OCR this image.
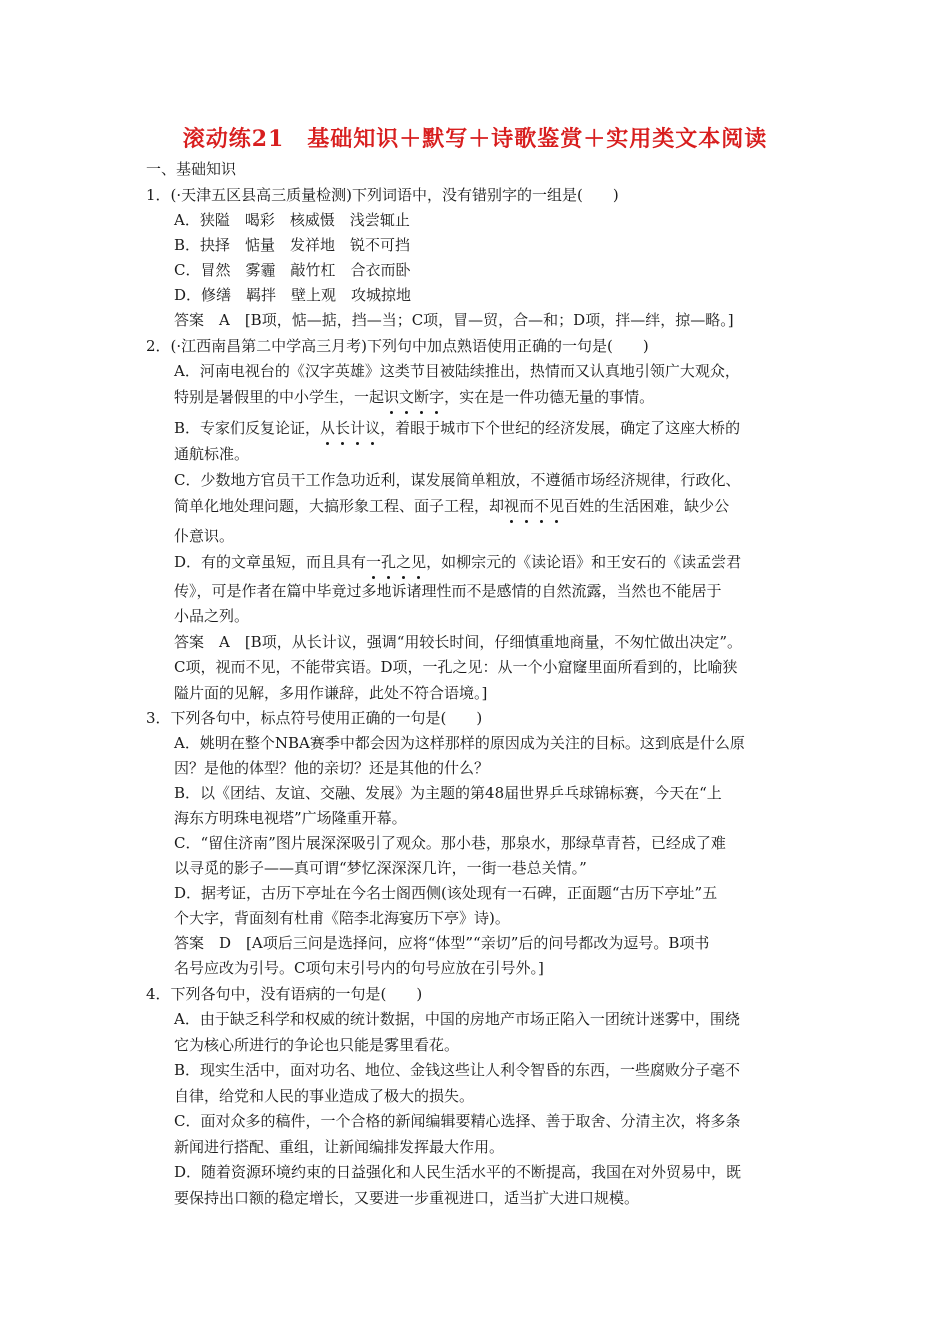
滚动练21　基础知识＋默写＋诗歌鉴赏＋实用类文本阅读
一、基础知识
1．(·天津五区县高三质量检测)下列词语中，没有错别字的一组是(　　)
A．狭隘　喝彩　核威慑　浅尝辄止
B．抉择　惦量　发祥地　锐不可挡
C．冒然　雾霾　敲竹杠　合衣而卧
D．修缮　羁拌　壁上观　攻城掠地
答案　A　[B项，惦—掂，挡—当；C项，冒—贸，合—和；D项，拌—绊，掠—略。]
2．(·江西南昌第二中学高三月考)下列句中加点熟语使用正确的一句是(　　)
A．河南电视台的《汉字英雄》这类节目被陆续推出，热情而又认真地引领广大观众，
特别是暑假里的中小学生，一起识文断字，实在是一件功德无量的事情。
B．专家们反复论证，从长计议，着眼于城市下个世纪的经济发展，确定了这座大桥的
通航标准。
C．少数地方官员干工作急功近利，谋发展简单粗放，不遵循市场经济规律，行政化、
简单化地处理问题，大搞形象工程、面子工程，却视而不见百姓的生活困难，缺少公
仆意识。
D．有的文章虽短，而且具有一孔之见，如柳宗元的《读论语》和王安石的《读孟尝君
传》，可是作者在篇中毕竟过多地诉诸理性而不是感情的自然流露，当然也不能居于
小品之列。
答案　A　[B项，从长计议，强调“用较长时间，仔细慎重地商量，不匆忙做出决定”。
C项，视而不见，不能带宾语。D项，一孔之见：从一个小窟窿里面所看到的，比喻狭
隘片面的见解，多用作谦辞，此处不符合语境。]
3．下列各句中，标点符号使用正确的一句是(　　)
A．姚明在整个NBA赛季中都会因为这样那样的原因成为关注的目标。这到底是什么原
因？是他的体型？他的亲切？还是其他的什么？
B．以《团结、友谊、交融、发展》为主题的第48届世界乒乓球锦标赛，今天在“上
海东方明珠电视塔”广场隆重开幕。
C．“留住济南”图片展深深吸引了观众。那小巷，那泉水，那绿草青苔，已经成了难
以寻觅的影子——真可谓“梦忆深深深几许，一街一巷总关情。”
D．据考证，古历下亭址在今名士阁西侧(该处现有一石碑，正面题“古历下亭址”五
个大字，背面刻有杜甫《陪李北海宴历下亭》诗)。
答案　D　[A项后三问是选择问，应将“体型”“亲切”后的问号都改为逗号。B项书
名号应改为引号。C项句末引号内的句号应放在引号外。]
4．下列各句中，没有语病的一句是(　　)
A．由于缺乏科学和权威的统计数据，中国的房地产市场正陷入一团统计迷雾中，围绕
它为核心所进行的争论也只能是雾里看花。
B．现实生活中，面对功名、地位、金钱这些让人利令智昏的东西，一些腐败分子毫不
自律，给党和人民的事业造成了极大的损失。
C．面对众多的稿件，一个合格的新闻编辑要精心选择、善于取舍、分清主次，将多条
新闻进行搭配、重组，让新闻编排发挥最大作用。
D．随着资源环境约束的日益强化和人民生活水平的不断提高，我国在对外贸易中，既
要保持出口额的稳定增长，又要进一步重视进口，适当扩大进口规模。
